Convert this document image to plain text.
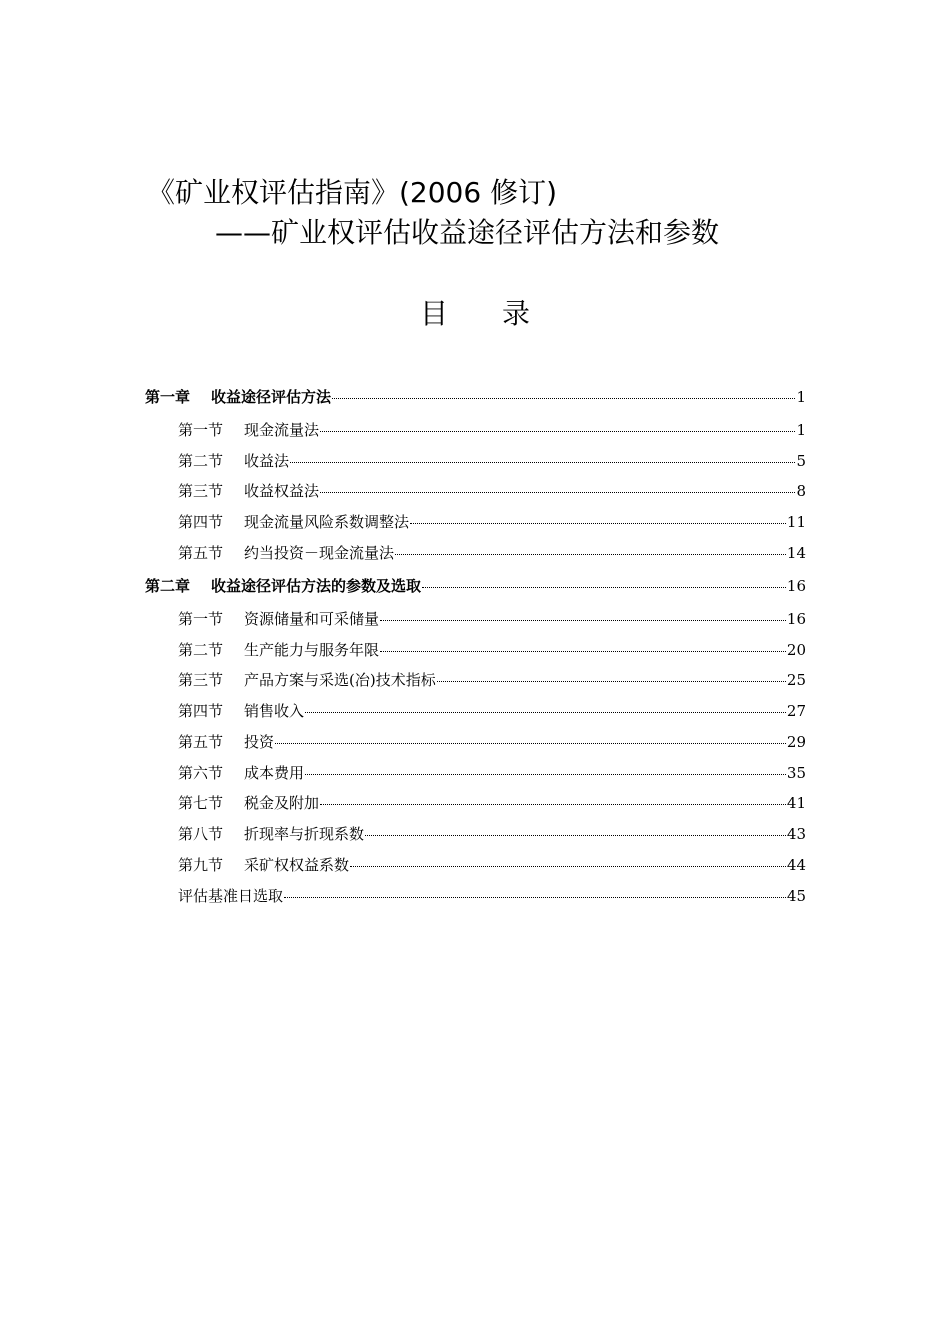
《矿业权评估指南》(2006 修订)
——矿业权评估收益途径评估方法和参数
目 录
第一章	收益途径评估方法	1
第一节	现金流量法	1
第二节	收益法	5
第三节	收益权益法	8
第四节	现金流量风险系数调整法	11
第五节	约当投资－现金流量法	14
第二章	收益途径评估方法的参数及选取	16
第一节	资源储量和可采储量	16
第二节	生产能力与服务年限	20
第三节	产品方案与采选(冶)技术指标	25
第四节	销售收入	27
第五节	投资	29
第六节	成本费用	35
第七节	税金及附加	41
第八节	折现率与折现系数	43
第九节	采矿权权益系数	44
评估基准日选取	45
